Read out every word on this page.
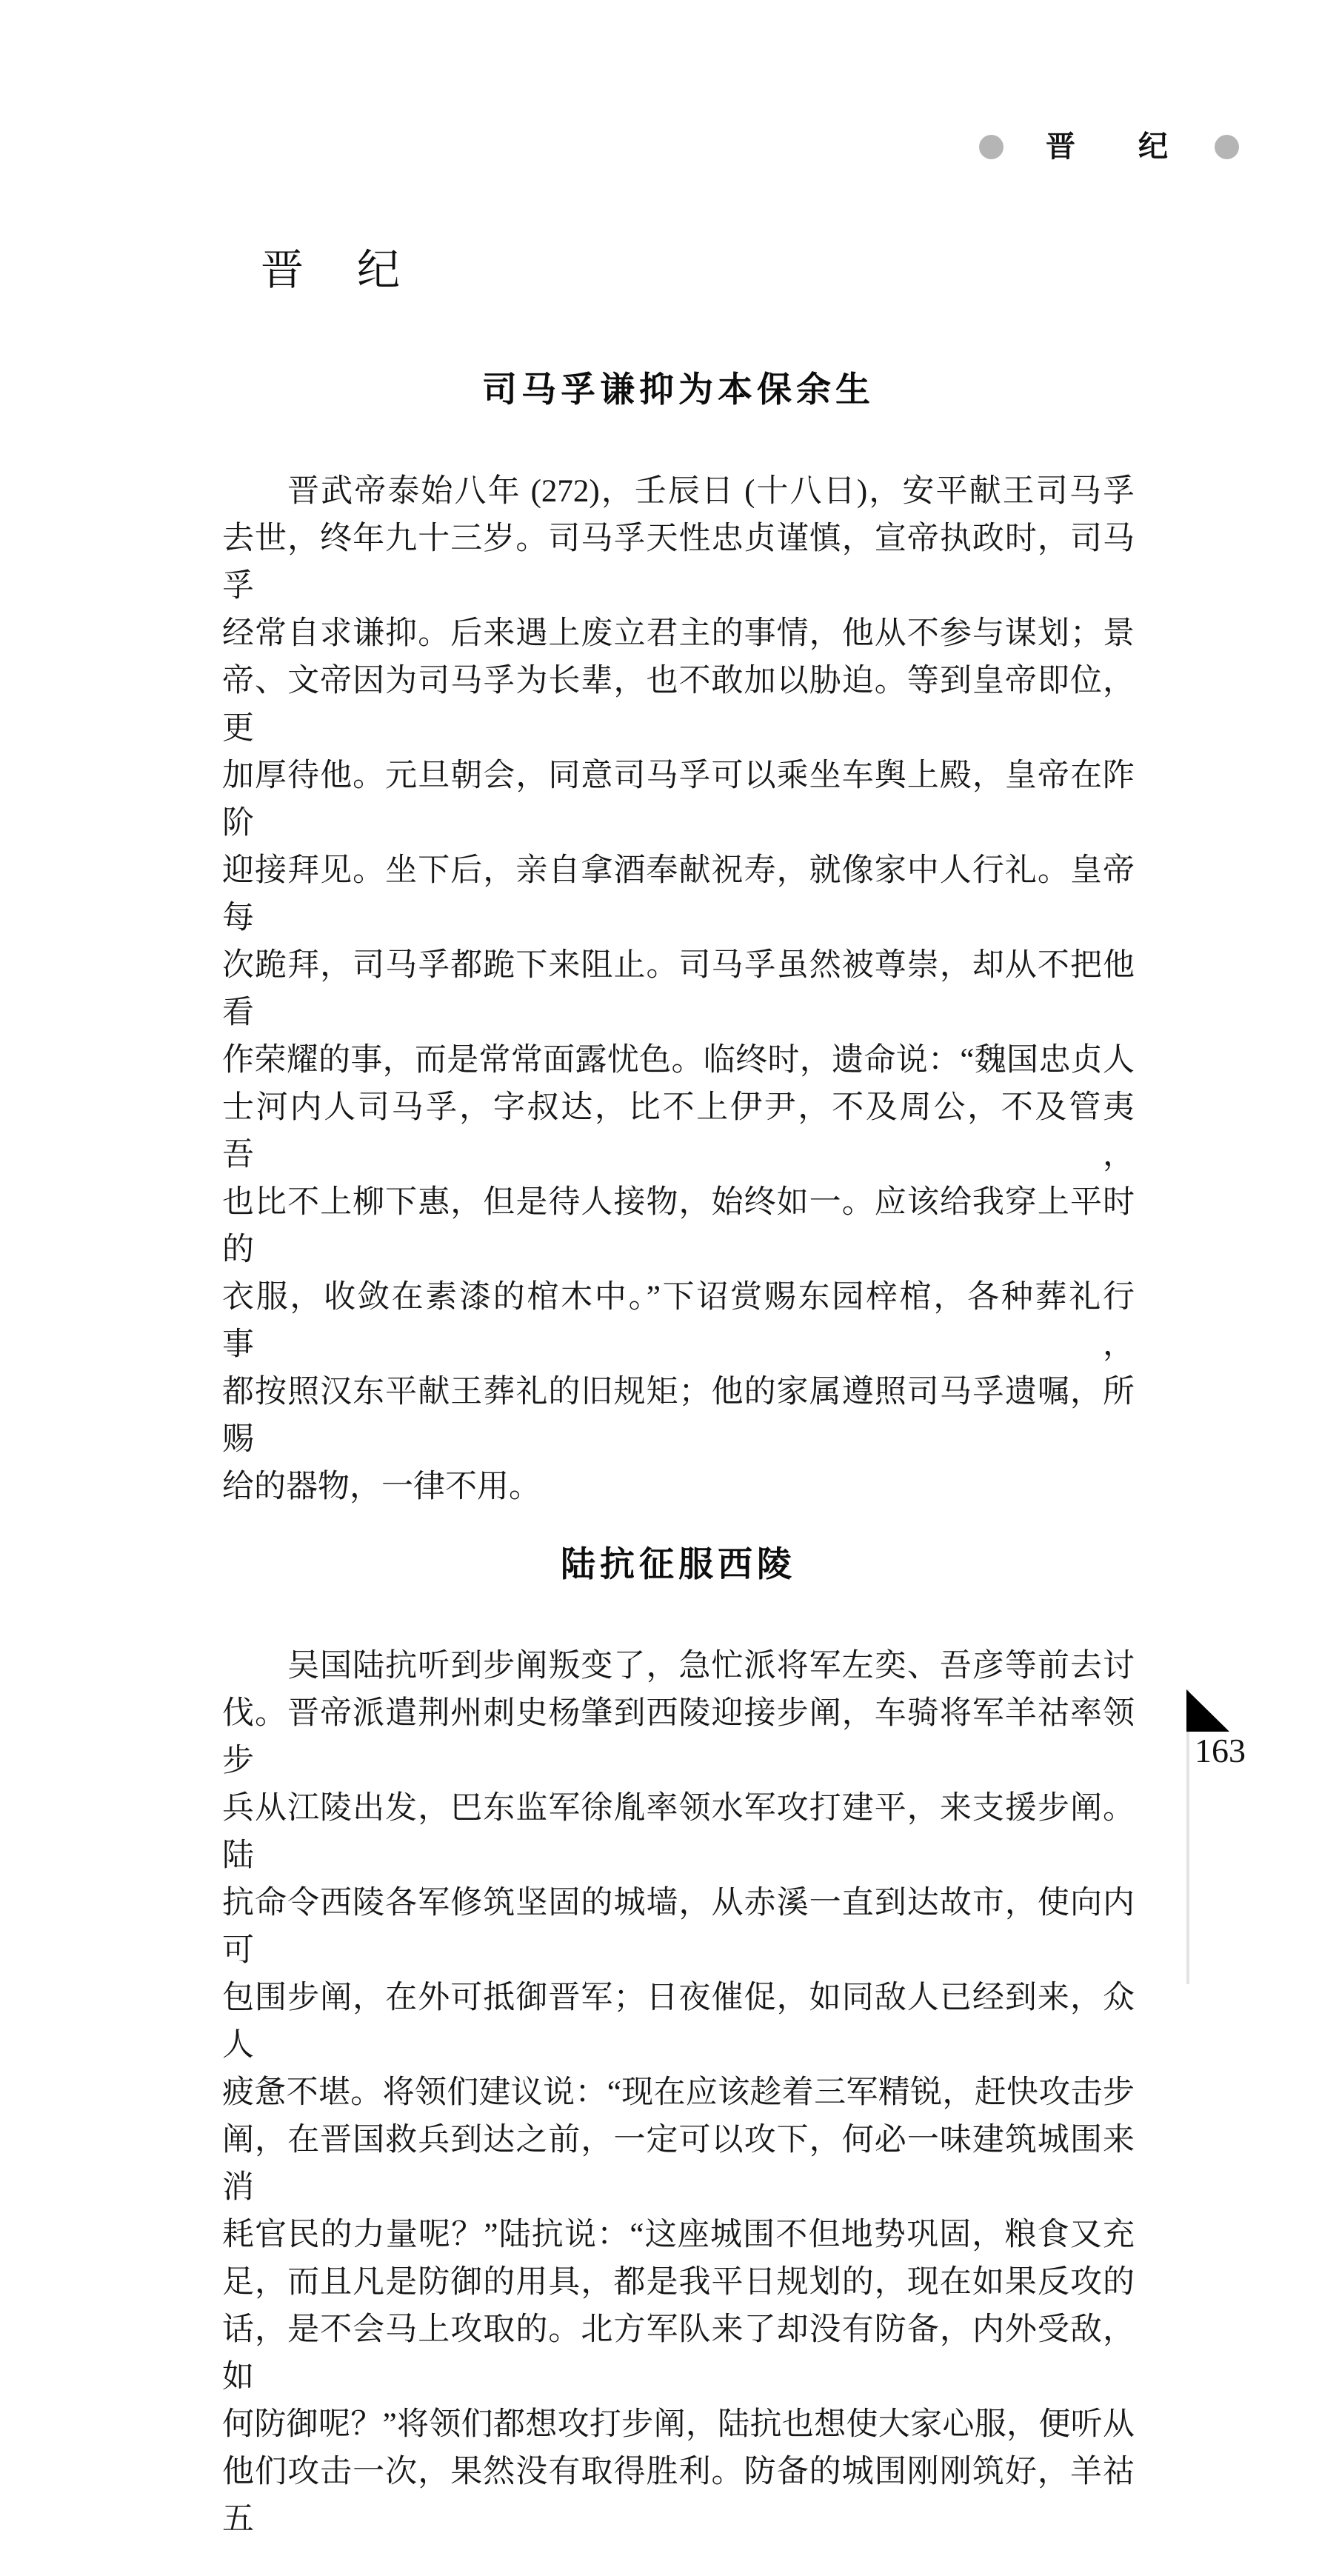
晋 纪
晋 纪
司马孚谦抑为本保余生
晋武帝泰始八年 (272)，壬辰日 (十八日)，安平献王司马孚
去世，终年九十三岁。司马孚天性忠贞谨慎，宣帝执政时，司马孚
经常自求谦抑。后来遇上废立君主的事情，他从不参与谋划；景
帝、文帝因为司马孚为长辈，也不敢加以胁迫。等到皇帝即位，更
加厚待他。元旦朝会，同意司马孚可以乘坐车舆上殿，皇帝在阼阶
迎接拜见。坐下后，亲自拿酒奉献祝寿，就像家中人行礼。皇帝每
次跪拜，司马孚都跪下来阻止。司马孚虽然被尊崇，却从不把他看
作荣耀的事，而是常常面露忧色。临终时，遗命说：“魏国忠贞人
士河内人司马孚，字叔达，比不上伊尹，不及周公，不及管夷吾，
也比不上柳下惠，但是待人接物，始终如一。应该给我穿上平时的
衣服，收敛在素漆的棺木中。”下诏赏赐东园梓棺，各种葬礼行事，
都按照汉东平献王葬礼的旧规矩；他的家属遵照司马孚遗嘱，所赐
给的器物，一律不用。
陆抗征服西陵
吴国陆抗听到步阐叛变了，急忙派将军左奕、吾彦等前去讨
伐。晋帝派遣荆州刺史杨肇到西陵迎接步阐，车骑将军羊祜率领步
兵从江陵出发，巴东监军徐胤率领水军攻打建平，来支援步阐。陆
抗命令西陵各军修筑坚固的城墙，从赤溪一直到达故市，使向内可
包围步阐，在外可抵御晋军；日夜催促，如同敌人已经到来，众人
疲惫不堪。将领们建议说：“现在应该趁着三军精锐，赶快攻击步
阐，在晋国救兵到达之前，一定可以攻下，何必一味建筑城围来消
耗官民的力量呢？”陆抗说：“这座城围不但地势巩固，粮食又充
足，而且凡是防御的用具，都是我平日规划的，现在如果反攻的
话，是不会马上攻取的。北方军队来了却没有防备，内外受敌，如
何防御呢？”将领们都想攻打步阐，陆抗也想使大家心服，便听从
他们攻击一次，果然没有取得胜利。防备的城围刚刚筑好，羊祜五
163
